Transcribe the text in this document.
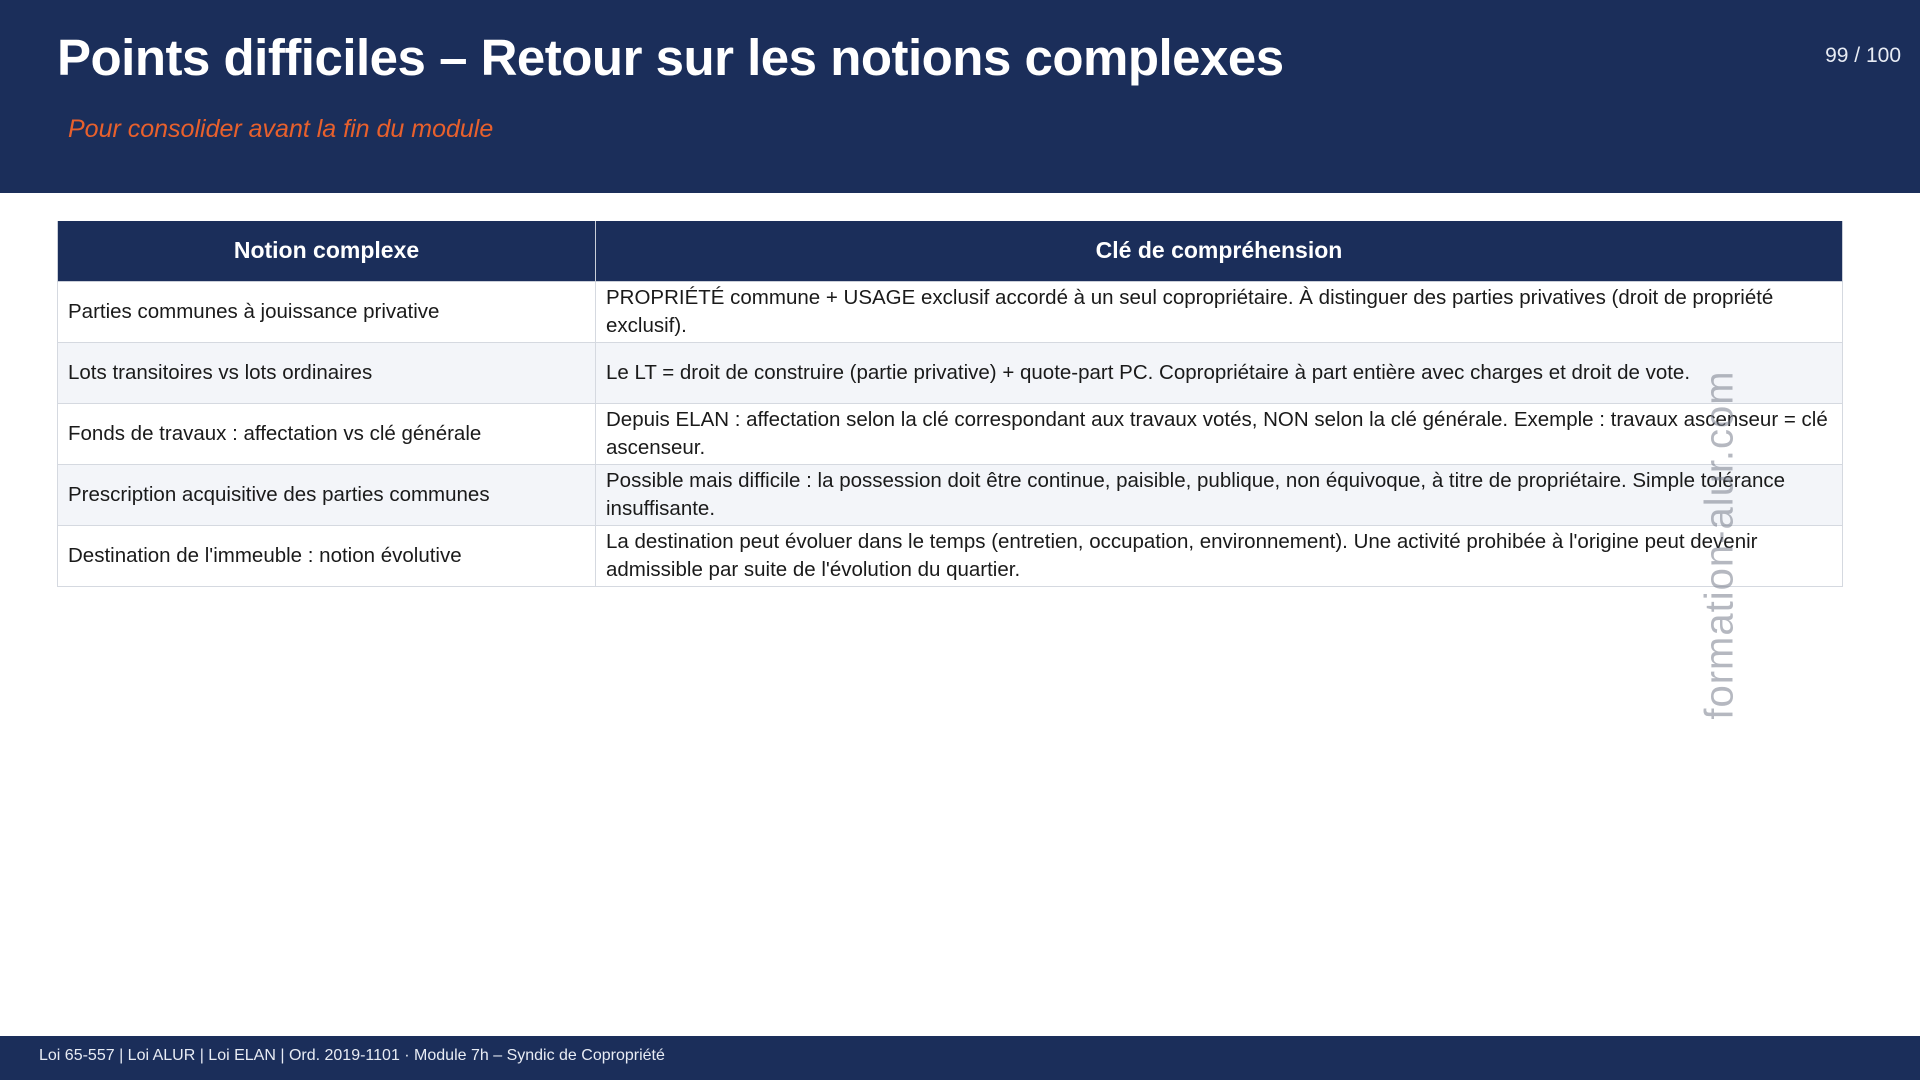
Points difficiles – Retour sur les notions complexes
Pour consolider avant la fin du module
99 / 100
Notion complexe	Clé de compréhension
Parties communes à jouissance privative	PROPRIÉTÉ commune + USAGE exclusif accordé à un seul copropriétaire. À distinguer des parties privatives (droit de propriété exclusif).
Lots transitoires vs lots ordinaires	Le LT = droit de construire (partie privative) + quote-part PC. Copropriétaire à part entière avec charges et droit de vote.
Fonds de travaux : affectation vs clé générale	Depuis ELAN : affectation selon la clé correspondant aux travaux votés, NON selon la clé générale. Exemple : travaux ascenseur = clé ascenseur.
Prescription acquisitive des parties communes	Possible mais difficile : la possession doit être continue, paisible, publique, non équivoque, à titre de propriétaire. Simple tolérance insuffisante.
Destination de l'immeuble : notion évolutive	La destination peut évoluer dans le temps (entretien, occupation, environnement). Une activité prohibée à l'origine peut devenir admissible par suite de l'évolution du quartier.	formation-alur.com
Loi 65-557 | Loi ALUR | Loi ELAN | Ord. 2019-1101 · Module 7h – Syndic de Copropriété
